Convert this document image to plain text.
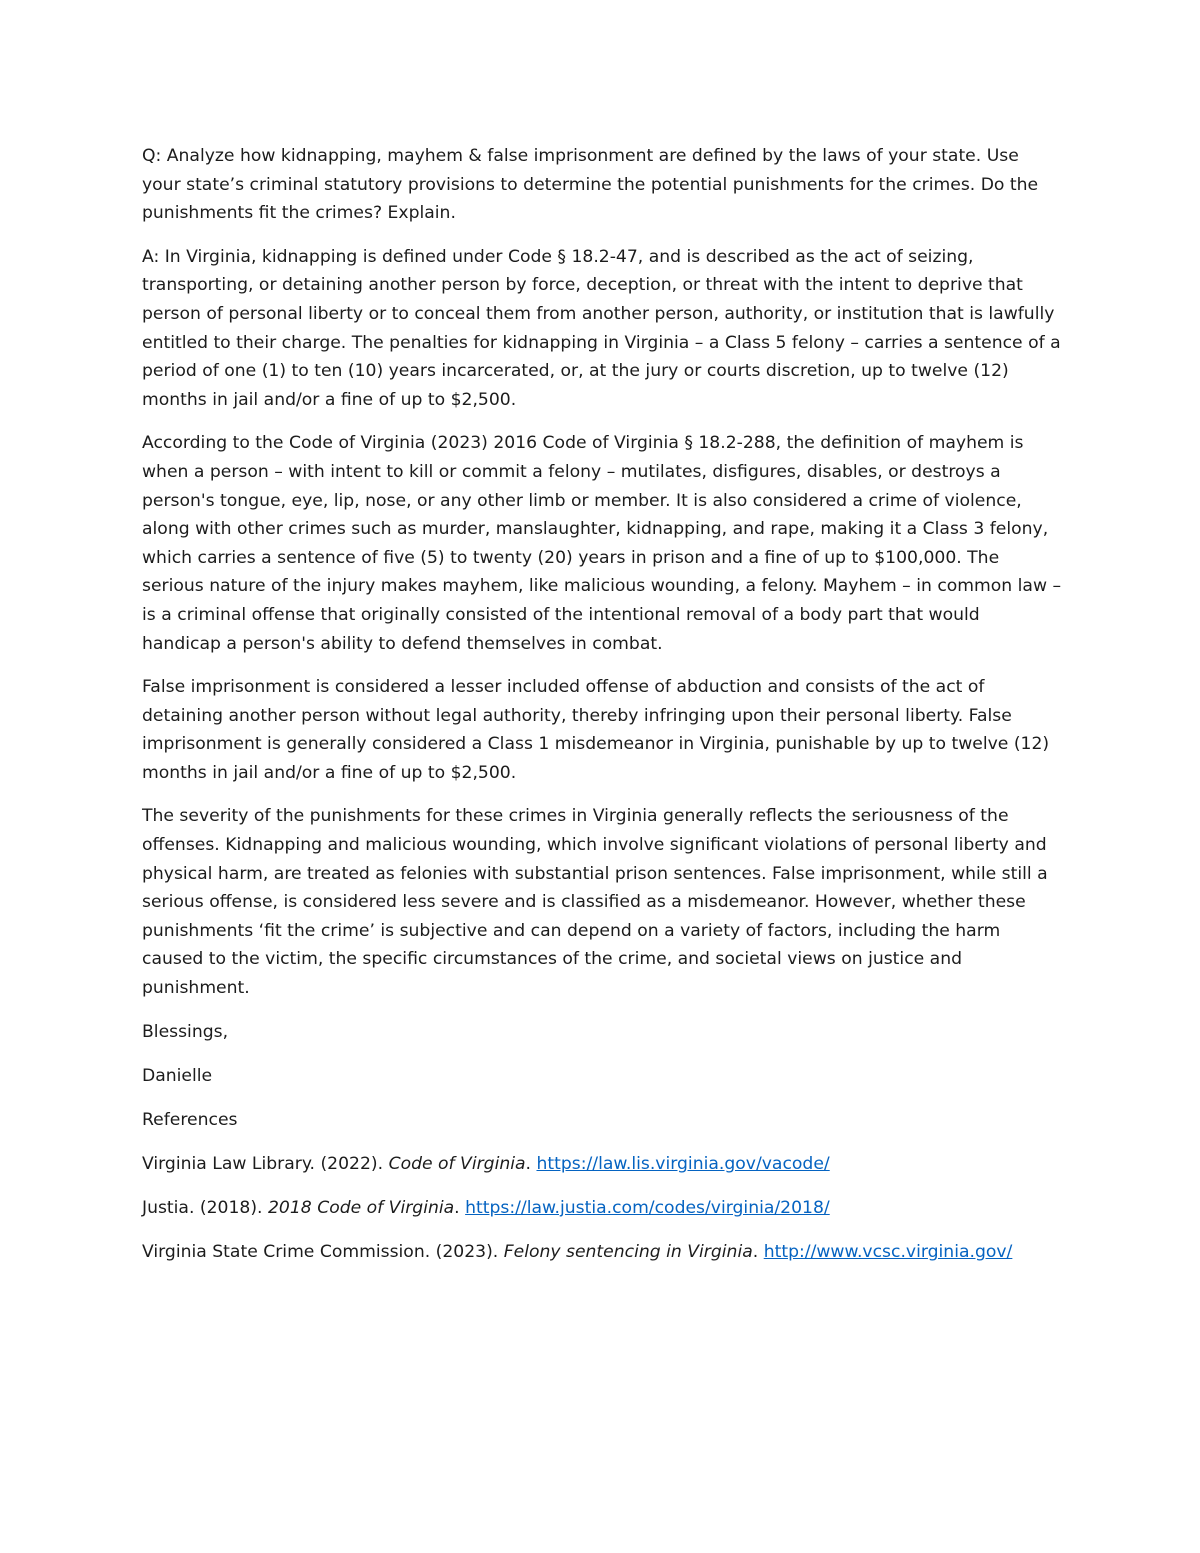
Q: Analyze how kidnapping, mayhem & false imprisonment are defined by the laws of your state. Use your state’s criminal statutory provisions to determine the potential punishments for the crimes. Do the punishments fit the crimes? Explain.

A: In Virginia, kidnapping is defined under Code § 18.2-47, and is described as the act of seizing, transporting, or detaining another person by force, deception, or threat with the intent to deprive that person of personal liberty or to conceal them from another person, authority, or institution that is lawfully entitled to their charge. The penalties for kidnapping in Virginia – a Class 5 felony – carries a sentence of a period of one (1) to ten (10) years incarcerated, or, at the jury or courts discretion, up to twelve (12) months in jail and/or a fine of up to $2,500.

According to the Code of Virginia (2023) 2016 Code of Virginia § 18.2-288, the definition of mayhem is when a person – with intent to kill or commit a felony – mutilates, disfigures, disables, or destroys a person's tongue, eye, lip, nose, or any other limb or member. It is also considered a crime of violence, along with other crimes such as murder, manslaughter, kidnapping, and rape, making it a Class 3 felony, which carries a sentence of five (5) to twenty (20) years in prison and a fine of up to $100,000. The serious nature of the injury makes mayhem, like malicious wounding, a felony. Mayhem – in common law – is a criminal offense that originally consisted of the intentional removal of a body part that would handicap a person's ability to defend themselves in combat.

False imprisonment is considered a lesser included offense of abduction and consists of the act of detaining another person without legal authority, thereby infringing upon their personal liberty. False imprisonment is generally considered a Class 1 misdemeanor in Virginia, punishable by up to twelve (12) months in jail and/or a fine of up to $2,500.

The severity of the punishments for these crimes in Virginia generally reflects the seriousness of the offenses. Kidnapping and malicious wounding, which involve significant violations of personal liberty and physical harm, are treated as felonies with substantial prison sentences. False imprisonment, while still a serious offense, is considered less severe and is classified as a misdemeanor. However, whether these punishments ‘fit the crime’ is subjective and can depend on a variety of factors, including the harm caused to the victim, the specific circumstances of the crime, and societal views on justice and punishment.

Blessings,

Danielle

References

Virginia Law Library. (2022). Code of Virginia. https://law.lis.virginia.gov/vacode/

Justia. (2018). 2018 Code of Virginia. https://law.justia.com/codes/virginia/2018/

Virginia State Crime Commission. (2023). Felony sentencing in Virginia. http://www.vcsc.virginia.gov/
